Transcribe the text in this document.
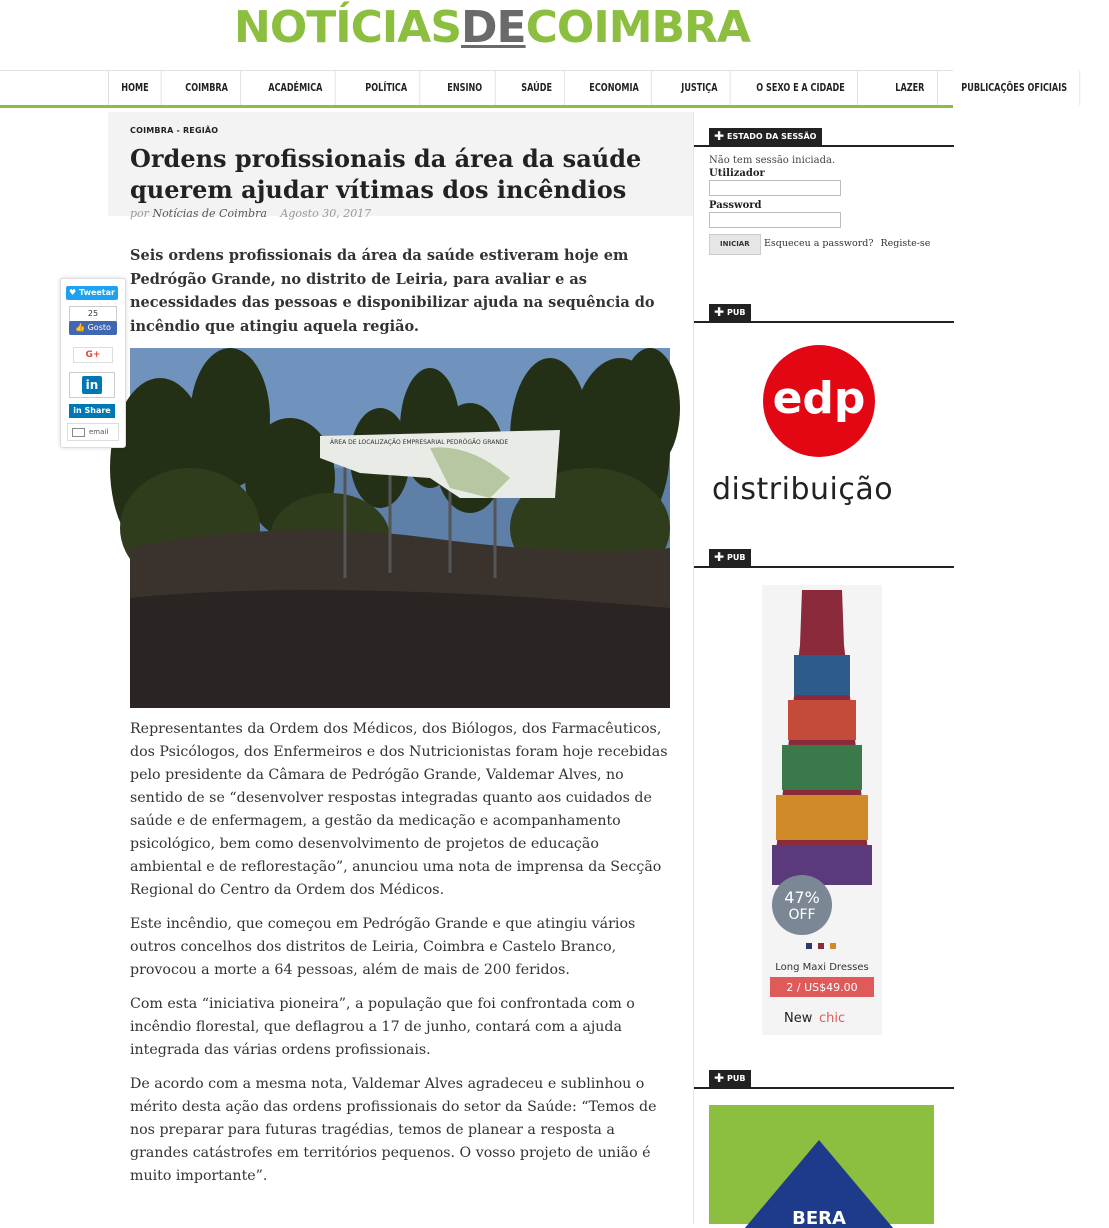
NOTÍCIASDECOIMBRA
HOME	COIMBRA	ACADÉMICA	POLÍTICA	ENSINO	SAÚDE	ECONOMIA	JUSTIÇA	O SEXO E A CIDADE	LAZER	PUBLICAÇÕES OFICIAIS
COIMBRA - REGIÃO
Ordens profissionais da área da saúde querem ajudar vítimas dos incêndios
por Notícias de Coimbra Agosto 30, 2017

Seis ordens profissionais da área da saúde estiveram hoje em Pedrógão Grande, no distrito de Leiria, para avaliar e as necessidades das pessoas e disponibilizar ajuda na sequência do incêndio que atingiu aquela região.

ÁREA DE LOCALIZAÇÃO EMPRESARIAL PEDRÓGÃO GRANDE

Representantes da Ordem dos Médicos, dos Biólogos, dos Farmacêuticos, dos Psicólogos, dos Enfermeiros e dos Nutricionistas foram hoje recebidas pelo presidente da Câmara de Pedrógão Grande, Valdemar Alves, no sentido de se “desenvolver respostas integradas quanto aos cuidados de saúde e de enfermagem, a gestão da medicação e acompanhamento psicológico, bem como desenvolvimento de projetos de educação ambiental e de reflorestação”, anunciou uma nota de imprensa da Secção Regional do Centro da Ordem dos Médicos.

Este incêndio, que começou em Pedrógão Grande e que atingiu vários outros concelhos dos distritos de Leiria, Coimbra e Castelo Branco, provocou a morte a 64 pessoas, além de mais de 200 feridos.

Com esta “iniciativa pioneira”, a população que foi confrontada com o incêndio florestal, que deflagrou a 17 de junho, contará com a ajuda integrada das várias ordens profissionais.

De acordo com a mesma nota, Valdemar Alves agradeceu e sublinhou o mérito desta ação das ordens profissionais do setor da Saúde: “Temos de nos preparar para futuras tragédias, temos de planear a resposta a grandes catástrofes em territórios pequenos. O vosso projeto de união é muito importante”.

♥ Tweetar
25
👍 Gosto
G+
in
in Share
email
✚ ESTADO DA SESSÃO
Não tem sessão iniciada.
Utilizador
Password
INICIAR	Esqueceu a password? Registe-se
✚ PUB
edp
distribuição
✚ PUB
47%
OFF
Long Maxi Dresses
2 / US$49.00
New chic
✚ PUB
BERA
